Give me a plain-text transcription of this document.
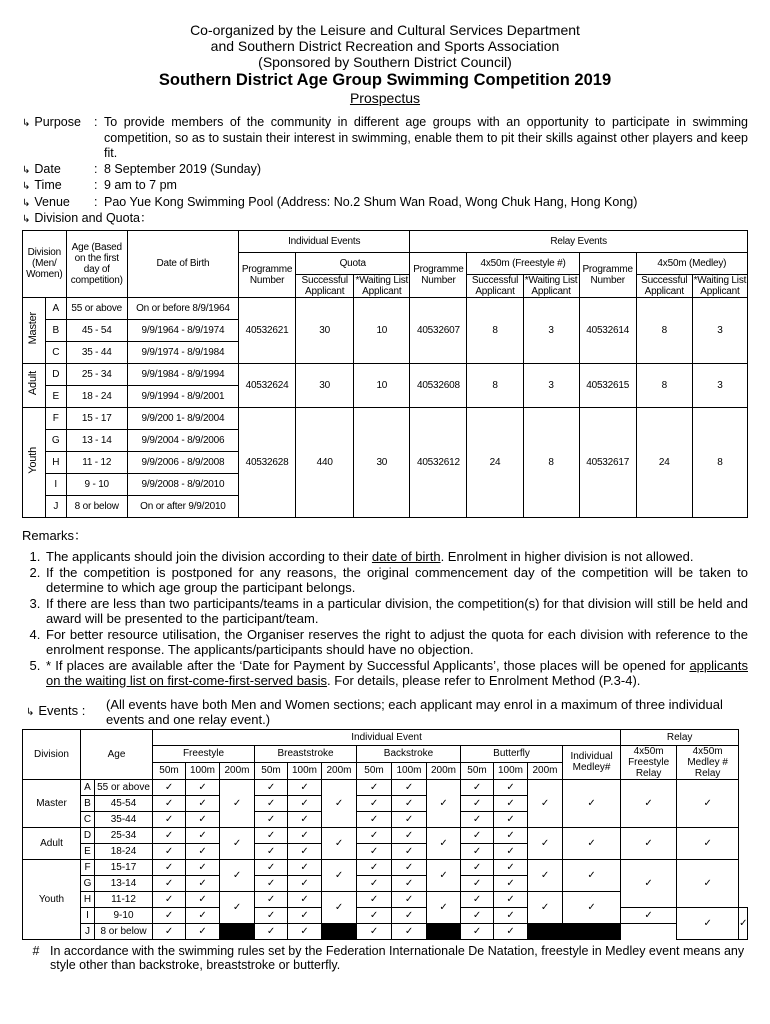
Co-organized by the Leisure and Cultural Services Department
and Southern District Recreation and Sports Association
(Sponsored by Southern District Council)
Southern District Age Group Swimming Competition 2019
Prospectus
↳ Purpose	: To provide members of the community in different age groups with an opportunity to participate in swimming competition, so as to sustain their interest in swimming, enable them to pit their skills against other players and keep fit.
↳ Date	: 8 September 2019 (Sunday)
↳ Time	: 9 am to 7 pm
↳ Venue	: Pao Yue Kong Swimming Pool (Address: No.2 Shum Wan Road, Wong Chuk Hang, Hong Kong)
↳ Division and Quota：
Division (Men/ Women)		Age (Based on the first day of competition)	Date of Birth	Individual Events			Relay Events					
				Programme Number	Quota		Programme Number	4x50m (Freestyle #)		Programme Number	4x50m (Medley)	
					Successful Applicant	*Waiting List Applicant		Successful Applicant	*Waiting List Applicant		Successful Applicant	*Waiting List Applicant
Master	A	55 or above	On or before 8/9/1964	40532621	30	10	40532607	8	3	40532614	8	3
	B	45 - 54	9/9/1964 - 8/9/1974									
	C	35 - 44	9/9/1974 - 8/9/1984									
Adult	D	25 - 34	9/9/1984 - 8/9/1994	40532624	30	10	40532608	8	3	40532615	8	3
	E	18 - 24	9/9/1994 - 8/9/2001									
Youth	F	15 - 17	9/9/200 1- 8/9/2004	40532628	440	30	40532612	24	8	40532617	24	8
	G	13 - 14	9/9/2004 - 8/9/2006									
	H	11 - 12	9/9/2006 - 8/9/2008									
	I	9 - 10	9/9/2008 - 8/9/2010									
	J	8 or below	On or after 9/9/2010									
Remarks：
1. The applicants should join the division according to their date of birth. Enrolment in higher division is not allowed.
2. If the competition is postponed for any reasons, the original commencement day of the competition will be taken to determine to which age group the participant belongs.
3. If there are less than two participants/teams in a particular division, the competition(s) for that division will still be held and award will be presented to the participant/team.
4. For better resource utilisation, the Organiser reserves the right to adjust the quota for each division with reference to the enrolment response. The applicants/participants should have no objection.
5. * If places are available after the ‘Date for Payment by Successful Applicants’, those places will be opened for applicants on the waiting list on first-come-first-served basis. For details, please refer to Enrolment Method (P.3-4).
↳ Events :	(All events have both Men and Women sections; each applicant may enrol in a maximum of three individual events and one relay event.)
Division	Age		Individual Event													Relay		
			Freestyle			Breaststroke			Backstroke			Butterfly			Individual Medley#	4x50m Freestyle Relay	4x50m Medley # Relay	
			50m	100m	200m	50m	100m	200m	50m	100m	200m	50m	100m	200m				
Master	A	55 or above	✓	✓	✓	✓	✓	✓	✓	✓	✓	✓	✓	✓	✓	✓	✓	
	B	45-54	✓	✓		✓	✓		✓	✓		✓	✓					
	C	35-44	✓	✓		✓	✓		✓	✓		✓	✓					
Adult	D	25-34	✓	✓	✓	✓	✓	✓	✓	✓	✓	✓	✓	✓	✓	✓	✓	
	E	18-24	✓	✓		✓	✓		✓	✓		✓	✓					
Youth	F	15-17	✓	✓	✓	✓	✓	✓	✓	✓	✓	✓	✓	✓	✓	✓	✓	
	G	13-14	✓	✓		✓	✓		✓	✓		✓	✓					
	H	11-12	✓	✓	✓	✓	✓	✓	✓	✓	✓	✓	✓	✓	✓			
	I	9-10	✓	✓		✓	✓		✓	✓		✓	✓			✓	✓	✓
	J	8 or below	✓	✓		✓	✓		✓	✓		✓	✓					
# In accordance with the swimming rules set by the Federation Internationale De Natation, freestyle in Medley event means any style other than backstroke, breaststroke or butterfly.
